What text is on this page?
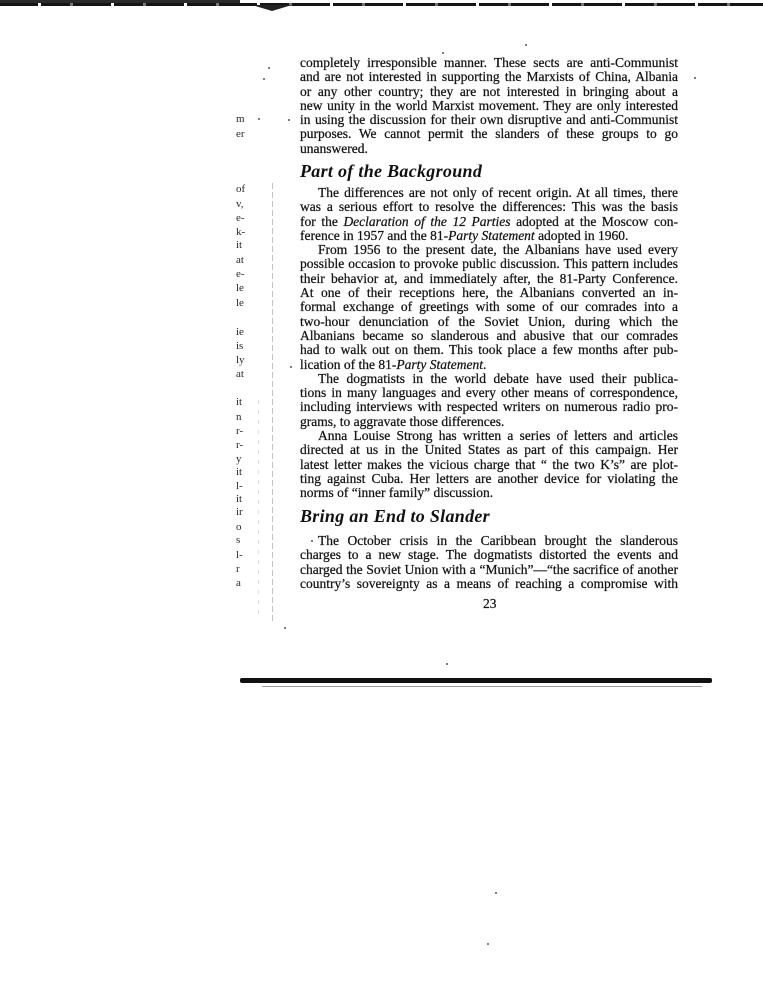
m
er
of
v,
e-
k-
it
at
e-
le
le
ie
is
ly
at
it
n
r-
r-
y
it
l-
it
ir
o
s
l-
r
a
completely irresponsible manner. These sects are anti-Communist
and are not interested in supporting the Marxists of China, Albania
or any other country; they are not interested in bringing about a
new unity in the world Marxist movement. They are only interested
in using the discussion for their own disruptive and anti-Communist
purposes. We cannot permit the slanders of these groups to go
unanswered.
Part of the Background
The differences are not only of recent origin. At all times, there
was a serious effort to resolve the differences: This was the basis
for the Declaration of the 12 Parties adopted at the Moscow con-
ference in 1957 and the 81-Party Statement adopted in 1960.
From 1956 to the present date, the Albanians have used every
possible occasion to provoke public discussion. This pattern includes
their behavior at, and immediately after, the 81-Party Conference.
At one of their receptions here, the Albanians converted an in-
formal exchange of greetings with some of our comrades into a
two-hour denunciation of the Soviet Union, during which the
Albanians became so slanderous and abusive that our comrades
had to walk out on them. This took place a few months after pub-
lication of the 81-Party Statement.
The dogmatists in the world debate have used their publica-
tions in many languages and every other means of correspondence,
including interviews with respected writers on numerous radio pro-
grams, to aggravate those differences.
Anna Louise Strong has written a series of letters and articles
directed at us in the United States as part of this campaign. Her
latest letter makes the vicious charge that “ the two K’s” are plot-
ting against Cuba. Her letters are another device for violating the
norms of “inner family” discussion.
Bring an End to Slander
The October crisis in the Caribbean brought the slanderous
charges to a new stage. The dogmatists distorted the events and
charged the Soviet Union with a “Munich”—“the sacrifice of another
country’s sovereignty as a means of reaching a compromise with
23
